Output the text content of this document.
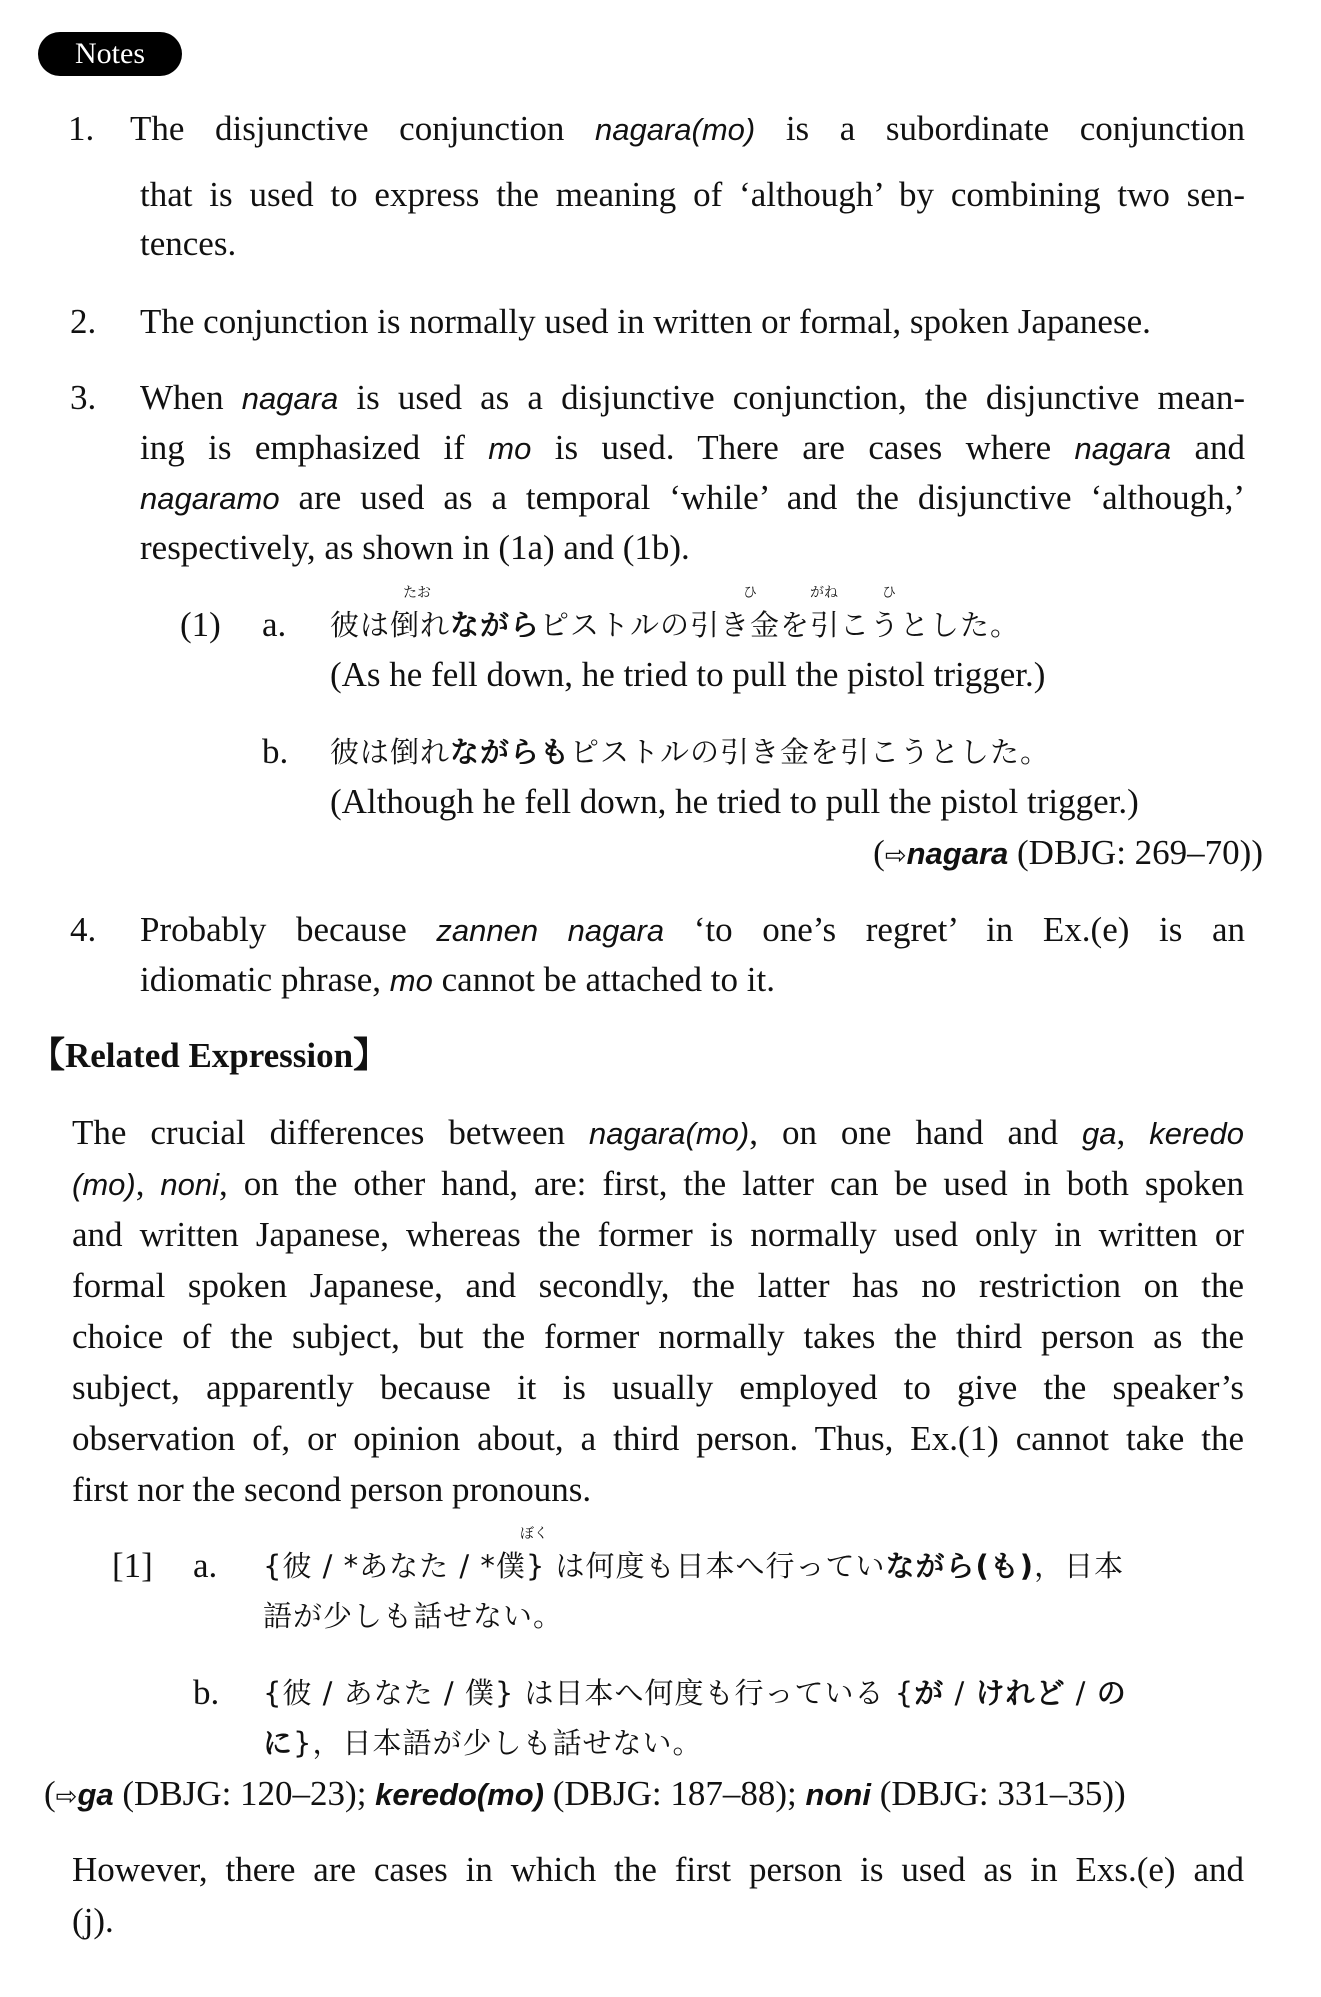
Notes
1. The disjunctive conjunction nagara(mo) is a subordinate conjunction
that is used to express the meaning of ‘although’ by combining two sen-
tences.
2. The conjunction is normally used in written or formal, spoken Japanese.
3. When nagara is used as a disjunctive conjunction, the disjunctive mean-
ing is emphasized if mo is used. There are cases where nagara and
nagaramo are used as a temporal ‘while’ and the disjunctive ‘although,’
respectively, as shown in (1a) and (1b).
(1) a.
たお	ひ	がね	ひ
彼は倒れながらピストルの引き金を引こうとした。
(As he fell down, he tried to pull the pistol trigger.)
b. 彼は倒れながらもピストルの引き金を引こうとした。
(Although he fell down, he tried to pull the pistol trigger.)
(⇨nagara (DBJG: 269–70))
4. Probably because zannen nagara ‘to one’s regret’ in Ex.(e) is an
idiomatic phrase, mo cannot be attached to it.
【Related Expression】
The crucial differences between nagara(mo), on one hand and ga, keredo
(mo), noni, on the other hand, are: first, the latter can be used in both spoken
and written Japanese, whereas the former is normally used only in written or
formal spoken Japanese, and secondly, the latter has no restriction on the
choice of the subject, but the former normally takes the third person as the
subject, apparently because it is usually employed to give the speaker’s
observation of, or opinion about, a third person. Thus, Ex.(1) cannot take the
first nor the second person pronouns.
[1] a.
ぼく
{彼 / *あなた / *僕} は何度も日本へ行っていながら(も)，日本
語が少しも話せない。
b. {彼 / あなた / 僕} は日本へ何度も行っている {が / けれど / の
に}，日本語が少しも話せない。
(⇨ga (DBJG: 120–23); keredo(mo) (DBJG: 187–88); noni (DBJG: 331–35))
However, there are cases in which the first person is used as in Exs.(e) and
(j).
